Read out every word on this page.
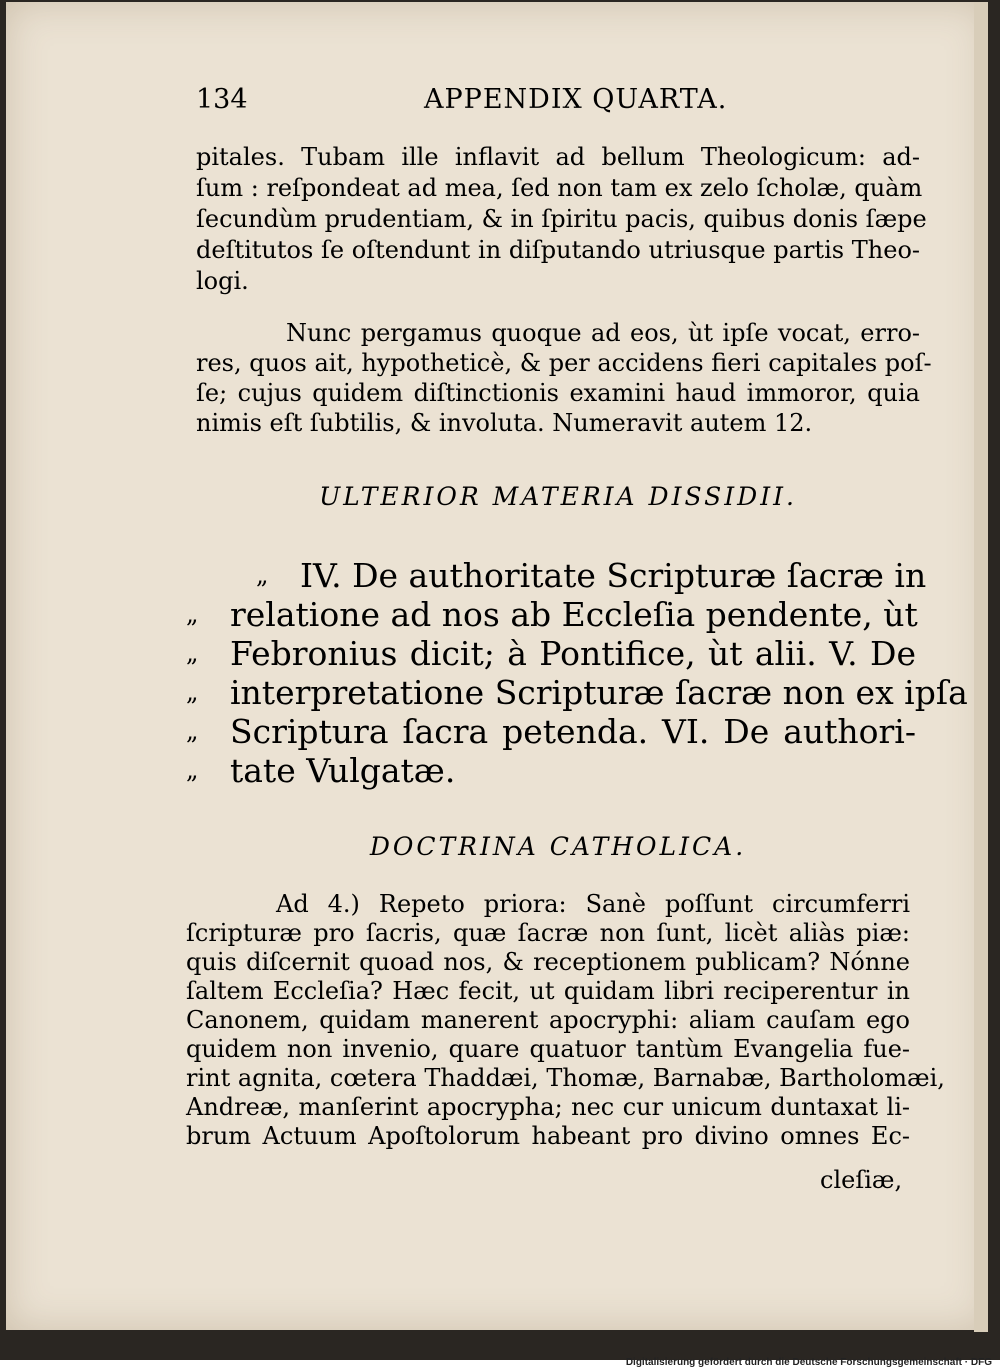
134	APPENDIX QUARTA.
pitales. Tubam ille inflavit ad bellum Theologicum: ad-
ſum : reſpondeat ad mea, ſed non tam ex zelo ſcholæ, quàm
ſecundùm prudentiam, & in ſpiritu pacis, quibus donis ſæpe
deſtitutos ſe oſtendunt in diſputando utriusque partis Theo-
logi.
Nunc pergamus quoque ad eos, ùt ipſe vocat, erro-
res, quos ait, hypotheticè, & per accidens fieri capitales poſ-
ſe; cujus quidem diſtinctionis examini haud immoror, quia
nimis eſt ſubtilis, & involuta. Numeravit autem 12.
ULTERIOR MATERIA DISSIDII.
„ IV. De authoritate Scripturæ ſacræ in
„ relatione ad nos ab Eccleſia pendente, ùt
„ Febronius dicit; à Pontifice, ùt alii. V. De
„ interpretatione Scripturæ ſacræ non ex ipſa
„ Scriptura ſacra petenda. VI. De authori-
„ tate Vulgatæ.
DOCTRINA CATHOLICA.
Ad 4.) Repeto priora: Sanè poſſunt circumferri
ſcripturæ pro ſacris, quæ ſacræ non ſunt, licèt aliàs piæ:
quis diſcernit quoad nos, & receptionem publicam? Nónne
ſaltem Eccleſia? Hæc fecit, ut quidam libri reciperentur in
Canonem, quidam manerent apocryphi: aliam cauſam ego
quidem non invenio, quare quatuor tantùm Evangelia fue-
rint agnita, cœtera Thaddæi, Thomæ, Barnabæ, Bartholomæi,
Andreæ, manſerint apocrypha; nec cur unicum duntaxat li-
brum Actuum Apoſtolorum habeant pro divino omnes Ec-
cleſiæ,
Digitalisierung gefördert durch die Deutsche Forschungsgemeinschaft · DFG
